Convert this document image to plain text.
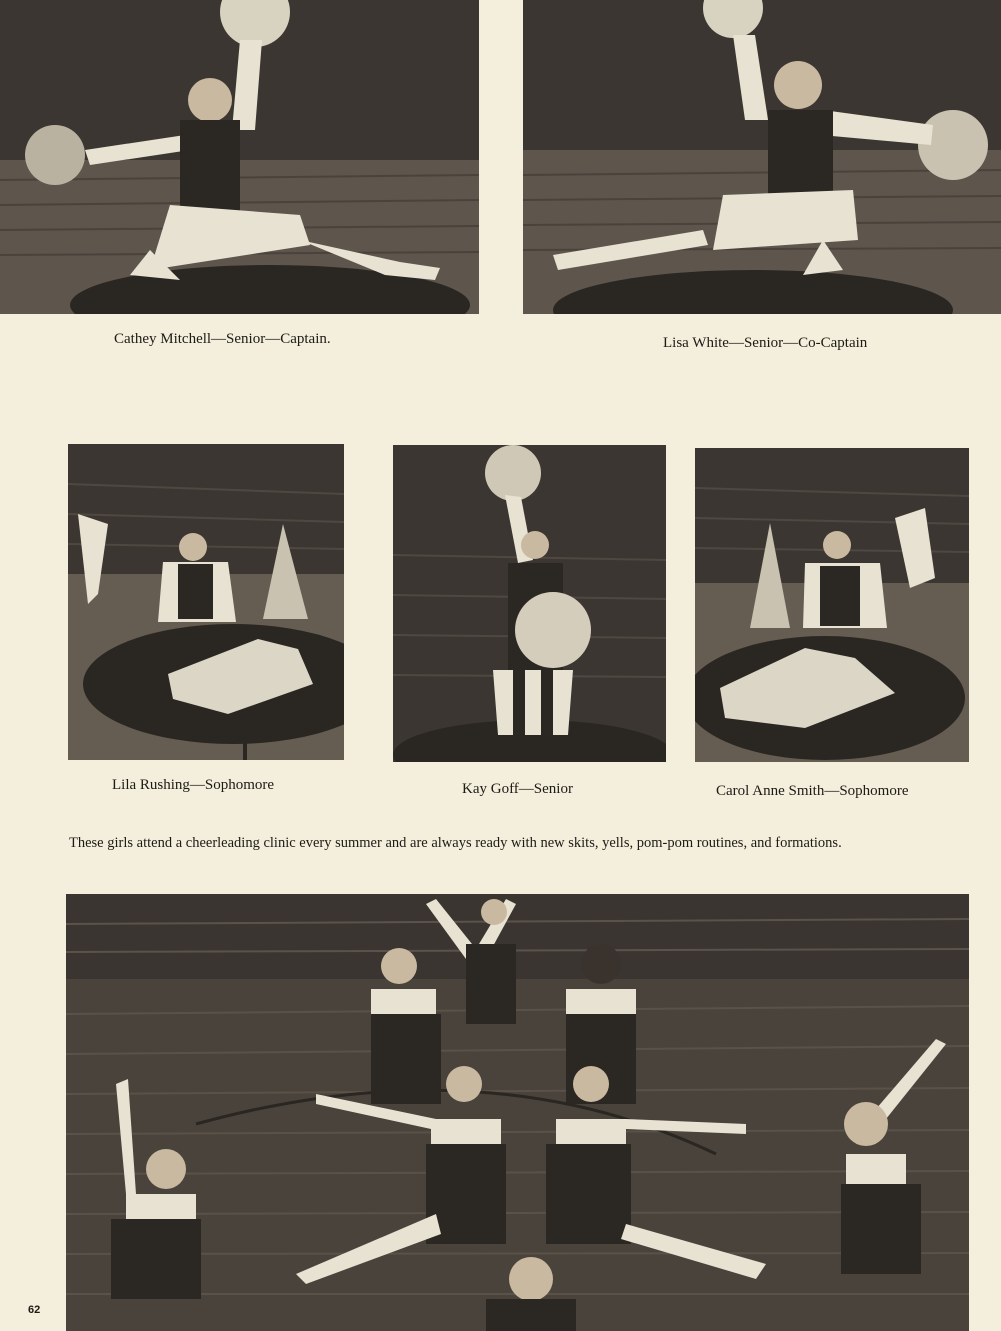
Cathey Mitchell—Senior—Captain.	Lisa White—Senior—Co-Captain
Lila Rushing—Sophomore	Kay Goff—Senior	Carol Anne Smith—Sophomore
These girls attend a cheerleading clinic every summer and are always ready with new skits, yells, pom-pom routines, and formations.
62
